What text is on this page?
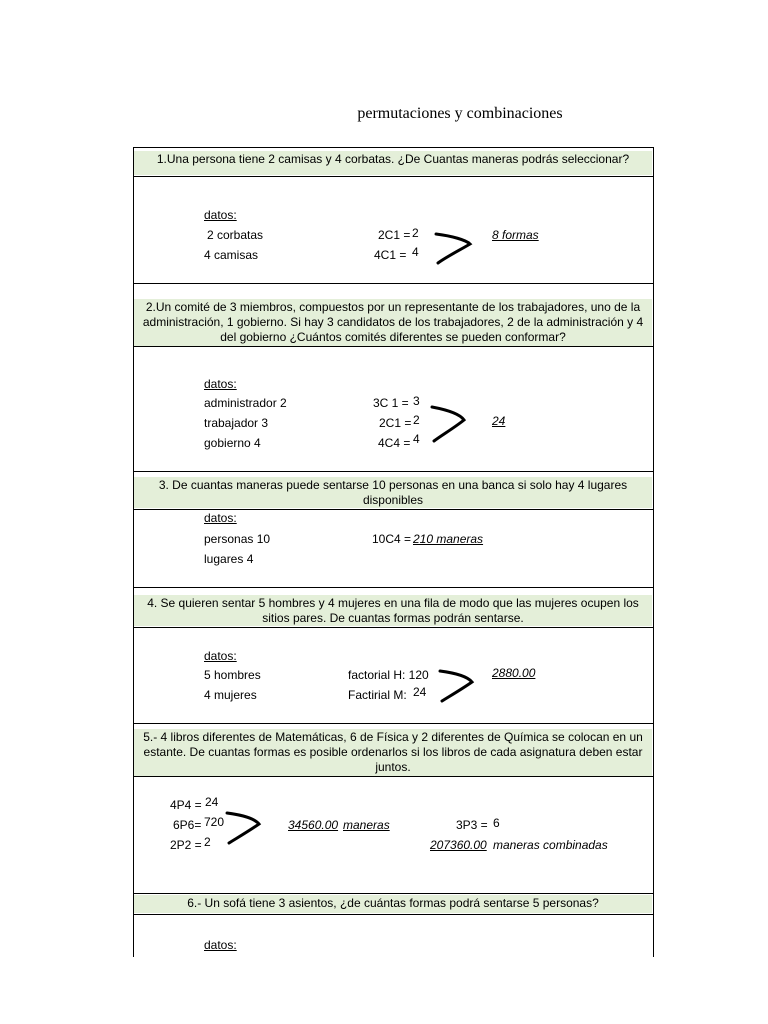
permutaciones y combinaciones
1.Una persona tiene 2 camisas y 4 corbatas. ¿De Cuantas maneras podrás seleccionar?
datos:
2 corbatas
4 camisas
2C1 =
4C1 =
2
4
8 formas
2.Un comité de 3 miembros, compuestos por un representante de los trabajadores, uno de la administración, 1 gobierno. Si hay 3 candidatos de los trabajadores, 2 de la administración y 4 del gobierno ¿Cuántos comités diferentes se pueden conformar?
datos:
administrador 2
trabajador 3
gobierno 4
3C 1 =
2C1 =
4C4 =
3
2
4
24
3. De cuantas maneras puede sentarse 10 personas en una banca si solo hay 4 lugares disponibles
datos:
personas 10
lugares 4
10C4 = 210 maneras
4. Se quieren sentar 5 hombres y 4 mujeres en una fila de modo que las mujeres ocupen los sitios pares. De cuantas formas podrán sentarse.
datos:
5 hombres
4 mujeres
factorial H: 120
Factirial M: 24
2880.00
5.- 4 libros diferentes de Matemáticas, 6 de Física y 2 diferentes de Química se colocan en un estante. De cuantas formas es posible ordenarlos si los libros de cada asignatura deben estar juntos.
4P4 =
6P6=
2P2 =
24
720
2
34560.00 maneras	3P3 = 6
207360.00 maneras combinadas
6.- Un sofá tiene 3 asientos, ¿de cuántas formas podrá sentarse 5 personas?
datos:
